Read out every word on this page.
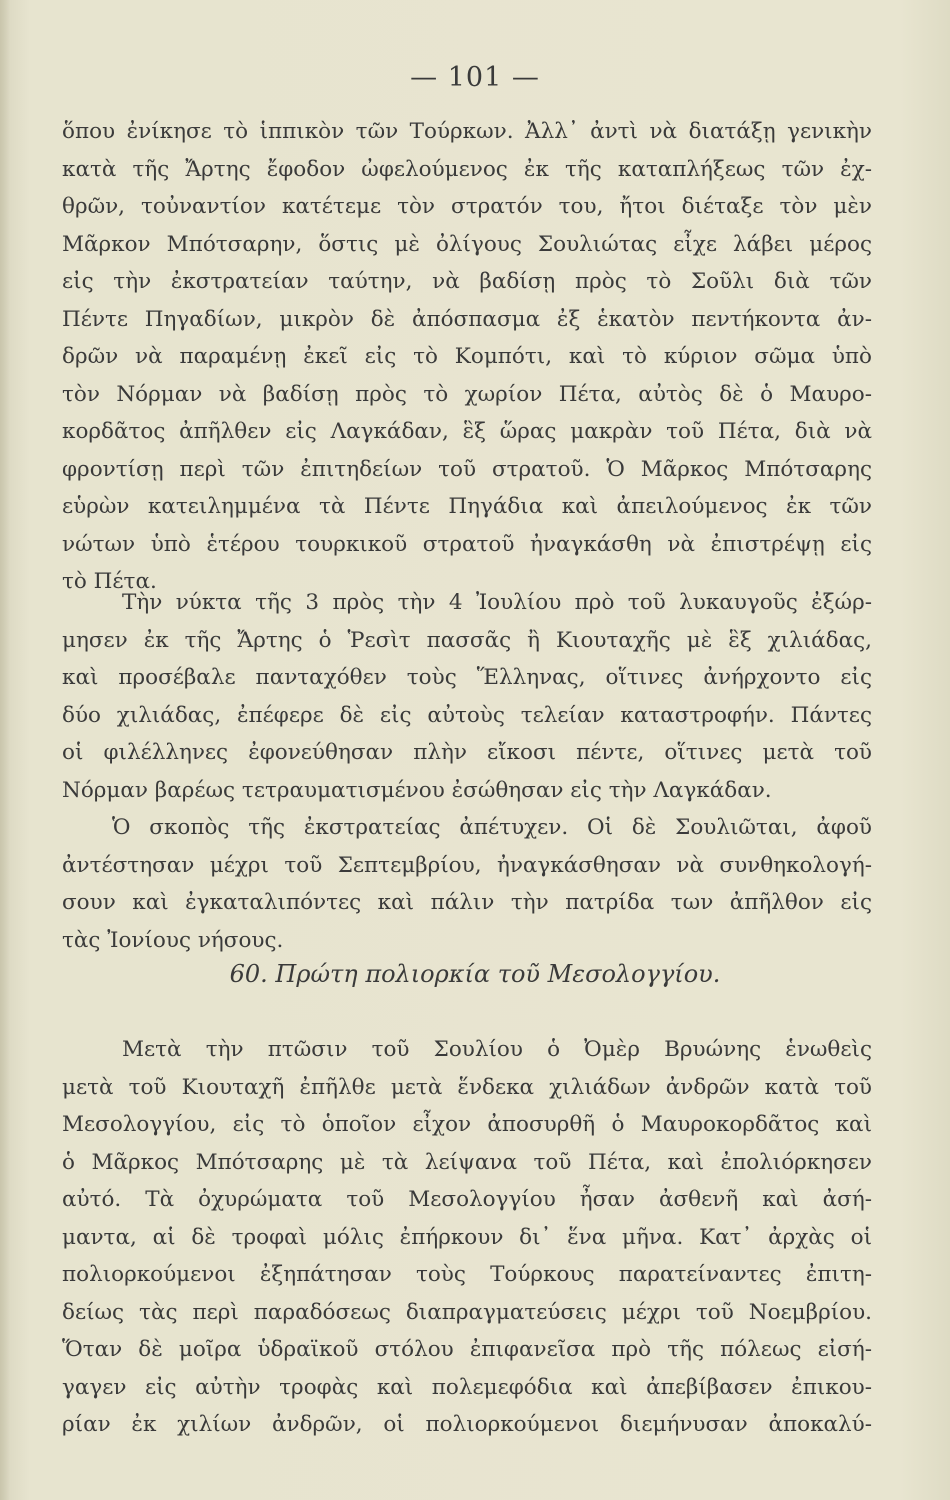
— 101 —
ὅπου ἐνίκησε τὸ ἱππικὸν τῶν Τούρκων. Ἀλλ᾽ ἀντὶ νὰ διατάξῃ γενικὴν
κατὰ τῆς Ἄρτης ἔφοδον ὠφελούμενος ἐκ τῆς καταπλήξεως τῶν ἐχ-
θρῶν, τοὐναντίον κατέτεμε τὸν στρατόν του, ἤτοι διέταξε τὸν μὲν
Μᾶρκον Μπότσαρην, ὅστις μὲ ὀλίγους Σουλιώτας εἶχε λάβει μέρος
εἰς τὴν ἐκστρατείαν ταύτην, νὰ βαδίσῃ πρὸς τὸ Σοῦλι διὰ τῶν
Πέντε Πηγαδίων, μικρὸν δὲ ἀπόσπασμα ἐξ ἑκατὸν πεντήκοντα ἀν-
δρῶν νὰ παραμένῃ ἐκεῖ εἰς τὸ Κομπότι, καὶ τὸ κύριον σῶμα ὑπὸ
τὸν Νόρμαν νὰ βαδίσῃ πρὸς τὸ χωρίον Πέτα, αὐτὸς δὲ ὁ Μαυρο-
κορδᾶτος ἀπῆλθεν εἰς Λαγκάδαν, ἓξ ὥρας μακρὰν τοῦ Πέτα, διὰ νὰ
φροντίσῃ περὶ τῶν ἐπιτηδείων τοῦ στρατοῦ. Ὁ Μᾶρκος Μπότσαρης
εὑρὼν κατειλημμένα τὰ Πέντε Πηγάδια καὶ ἀπειλούμενος ἐκ τῶν
νώτων ὑπὸ ἑτέρου τουρκικοῦ στρατοῦ ἠναγκάσθη νὰ ἐπιστρέψῃ εἰς
τὸ Πέτα.
Τὴν νύκτα τῆς 3 πρὸς τὴν 4 Ἰουλίου πρὸ τοῦ λυκαυγοῦς ἐξώρ-
μησεν ἐκ τῆς Ἄρτης ὁ Ῥεσὶτ πασσᾶς ἢ Κιουταχῆς μὲ ἓξ χιλιάδας,
καὶ προσέβαλε πανταχόθεν τοὺς Ἕλληνας, οἵτινες ἀνήρχοντο εἰς
δύο χιλιάδας, ἐπέφερε δὲ εἰς αὐτοὺς τελείαν καταστροφήν. Πάντες
οἱ φιλέλληνες ἐφονεύθησαν πλὴν εἴκοσι πέντε, οἵτινες μετὰ τοῦ
Νόρμαν βαρέως τετραυματισμένου ἐσώθησαν εἰς τὴν Λαγκάδαν.
Ὁ σκοπὸς τῆς ἐκστρατείας ἀπέτυχεν. Οἱ δὲ Σουλιῶται, ἀφοῦ
ἀντέστησαν μέχρι τοῦ Σεπτεμβρίου, ἠναγκάσθησαν νὰ συνθηκολογή-
σουν καὶ ἐγκαταλιπόντες καὶ πάλιν τὴν πατρίδα των ἀπῆλθον εἰς
τὰς Ἰονίους νήσους.
60. Πρώτη πολιορκία τοῦ Μεσολογγίου.
Μετὰ τὴν πτῶσιν τοῦ Σουλίου ὁ Ὀμὲρ Βρυώνης ἑνωθεὶς
μετὰ τοῦ Κιουταχῆ ἐπῆλθε μετὰ ἕνδεκα χιλιάδων ἀνδρῶν κατὰ τοῦ
Μεσολογγίου, εἰς τὸ ὁποῖον εἶχον ἀποσυρθῆ ὁ Μαυροκορδᾶτος καὶ
ὁ Μᾶρκος Μπότσαρης μὲ τὰ λείψανα τοῦ Πέτα, καὶ ἐπολιόρκησεν
αὐτό. Τὰ ὀχυρώματα τοῦ Μεσολογγίου ἦσαν ἀσθενῆ καὶ ἀσή-
μαντα, αἱ δὲ τροφαὶ μόλις ἐπήρκουν δι᾽ ἕνα μῆνα. Κατ᾽ ἀρχὰς οἱ
πολιορκούμενοι ἐξηπάτησαν τοὺς Τούρκους παρατείναντες ἐπιτη-
δείως τὰς περὶ παραδόσεως διαπραγματεύσεις μέχρι τοῦ Νοεμβρίου.
Ὅταν δὲ μοῖρα ὑδραϊκοῦ στόλου ἐπιφανεῖσα πρὸ τῆς πόλεως εἰσή-
γαγεν εἰς αὐτὴν τροφὰς καὶ πολεμεφόδια καὶ ἀπεβίβασεν ἐπικου-
ρίαν ἐκ χιλίων ἀνδρῶν, οἱ πολιορκούμενοι διεμήνυσαν ἀποκαλύ-
